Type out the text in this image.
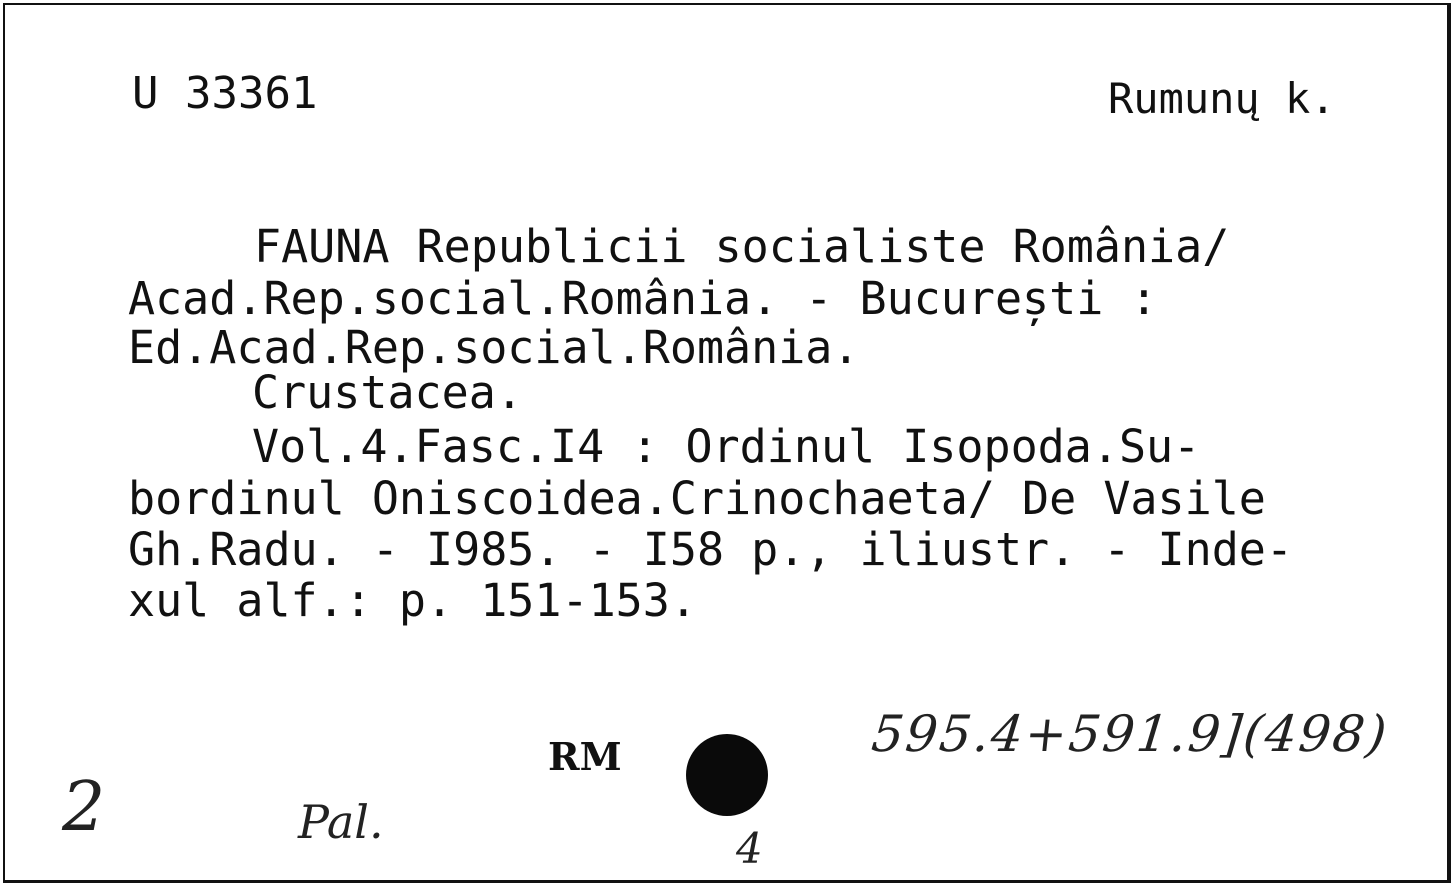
U 33361	Rumunų k.
FAUNA Republicii socialiste România/
Acad.Rep.social.România. - București :
Ed.Acad.Rep.social.România.
Crustacea.
Vol.4.Fasc.I4 : Ordinul Isopoda.Su-
bordinul Oniscoidea.Crinochaeta/ De Vasile
Gh.Radu. - I985. - I58 p., iliustr. - Inde-
xul alf.: p. 151-153.
RM	595.4+591.9](498)
2	Pal.	4
